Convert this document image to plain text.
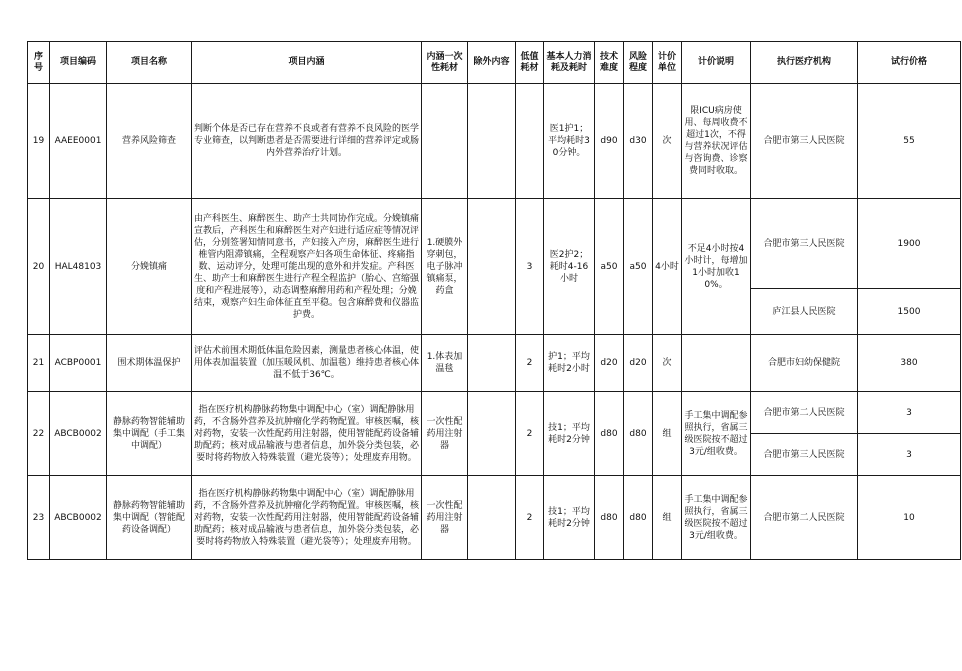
序号	项目编码	项目名称	项目内涵	内涵一次性耗材	除外内容	低值耗材	基本人力消耗及耗时	技术难度	风险程度	计价单位	计价说明	执行医疗机构	试行价格
19	AAEE0001	营养风险筛查	判断个体是否已存在营养不良或者有营养不良风险的医学专业筛查，以判断患者是否需要进行详细的营养评定或肠内外营养治疗计划。				医1护1；平均耗时30分钟。	d90	d30	次	限ICU病房使用、每周收费不超过1次，不得与营养状况评估与咨询费、诊察费同时收取。	合肥市第三人民医院	55
20	HAL48103	分娩镇痛	由产科医生、麻醉医生、助产士共同协作完成。分娩镇痛宣教后，产科医生和麻醉医生对产妇进行适应症等情况评估，分别签署知情同意书，产妇接入产房，麻醉医生进行椎管内阻滞镇痛，全程观察产妇各项生命体征、疼痛指数、运动评分，处理可能出现的意外和并发症。产科医生、助产士和麻醉医生进行产程全程监护（胎心、宫缩强度和产程进展等），动态调整麻醉用药和产程处理；分娩结束，观察产妇生命体征直至平稳。包含麻醉费和仪器监护费。	1.硬膜外穿刺包，电子脉冲镇痛泵，药盒		3	医2护2；耗时4-16小时	a50	a50	4小时	不足4小时按4小时计，每增加1小时加收10%。	合肥市第三人民医院	1900
												庐江县人民医院	1500
21	ACBP0001	围术期体温保护	评估术前围术期低体温危险因素，测量患者核心体温，使用体表加温装置（加压暖风机、加温毯）维持患者核心体温不低于36℃。	1.体表加温毯		2	护1；平均耗时2小时	d20	d20	次		合肥市妇幼保健院	380
22	ABCB0002	静脉药物智能辅助集中调配（手工集中调配）	指在医疗机构静脉药物集中调配中心（室）调配静脉用药，不含肠外营养及抗肿瘤化学药物配置。审核医嘱，核对药物，安装一次性配药用注射器，使用智能配药设备辅助配药；核对成品输液与患者信息，加外袋分类包装，必要时将药物放入特殊装置（避光袋等）；处理废弃用物。	一次性配药用注射器		2	技1；平均耗时2分钟	d80	d80	组	手工集中调配参照执行，省属三级医院按不超过3元/组收费。	合肥市第二人民医院	3
												合肥市第三人民医院	3
23	ABCB0002	静脉药物智能辅助集中调配（智能配药设备调配）	指在医疗机构静脉药物集中调配中心（室）调配静脉用药，不含肠外营养及抗肿瘤化学药物配置。审核医嘱，核对药物，安装一次性配药用注射器，使用智能配药设备辅助配药；核对成品输液与患者信息，加外袋分类包装，必要时将药物放入特殊装置（避光袋等）；处理废弃用物。	一次性配药用注射器		2	技1；平均耗时2分钟	d80	d80	组	手工集中调配参照执行，省属三级医院按不超过3元/组收费。	合肥市第二人民医院	10
